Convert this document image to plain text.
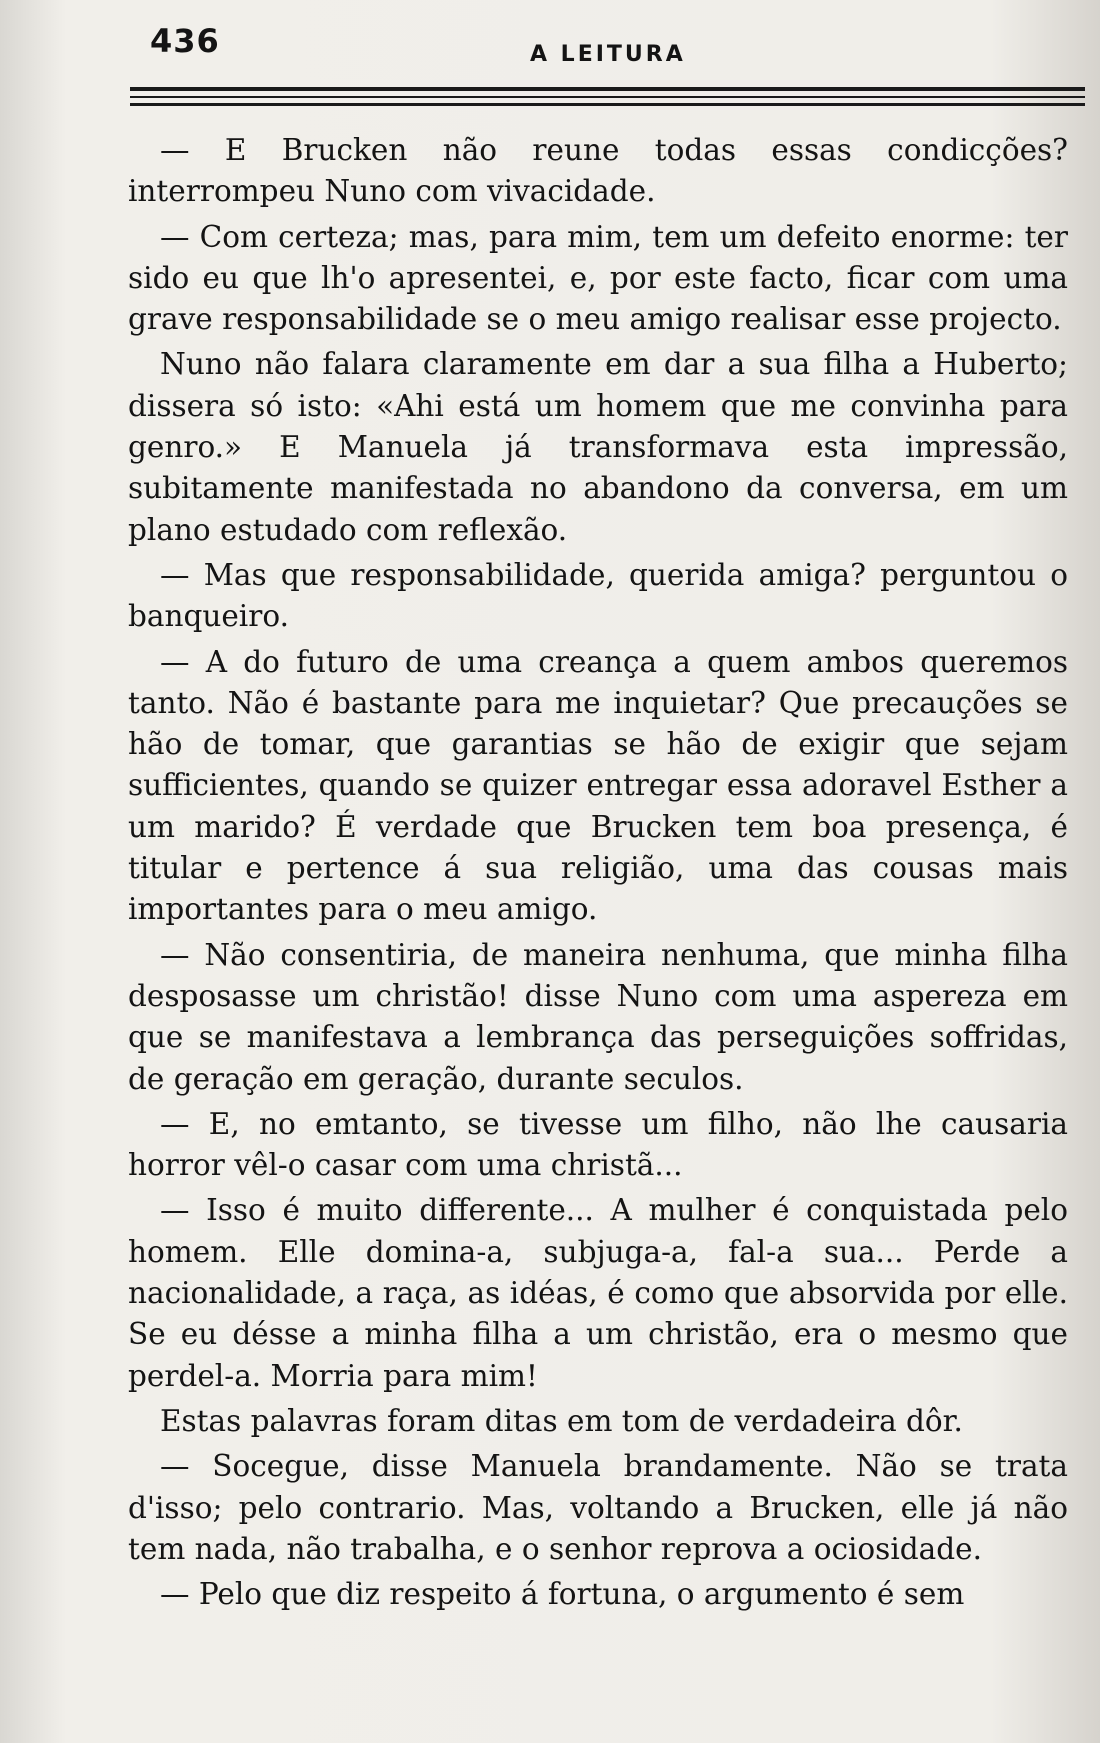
436	A LEITURA

— E Brucken não reune todas essas condicções? interrompeu Nuno com vivacidade.

— Com certeza; mas, para mim, tem um defeito enorme: ter sido eu que lh'o apresentei, e, por este facto, ficar com uma grave responsabilidade se o meu amigo realisar esse projecto.

Nuno não falara claramente em dar a sua filha a Huberto; dissera só isto: «Ahi está um homem que me convinha para genro.» E Manuela já transformava esta impressão, subitamente manifestada no abandono da conversa, em um plano estudado com reflexão.

— Mas que responsabilidade, querida amiga? perguntou o banqueiro.

— A do futuro de uma creança a quem ambos queremos tanto. Não é bastante para me inquietar? Que precauções se hão de tomar, que garantias se hão de exigir que sejam sufficientes, quando se quizer entregar essa adoravel Esther a um marido? É verdade que Brucken tem boa presença, é titular e pertence á sua religião, uma das cousas mais importantes para o meu amigo.

— Não consentiria, de maneira nenhuma, que minha filha desposasse um christão! disse Nuno com uma aspereza em que se manifestava a lembrança das perseguições soffridas, de geração em geração, durante seculos.

— E, no emtanto, se tivesse um filho, não lhe causaria horror vêl-o casar com uma christã...

— Isso é muito differente... A mulher é conquistada pelo homem. Elle domina-a, subjuga-a, fal-a sua... Perde a nacionalidade, a raça, as idéas, é como que absorvida por elle. Se eu désse a minha filha a um christão, era o mesmo que perdel-a. Morria para mim!

Estas palavras foram ditas em tom de verdadeira dôr.

— Socegue, disse Manuela brandamente. Não se trata d'isso; pelo contrario. Mas, voltando a Brucken, elle já não tem nada, não trabalha, e o senhor reprova a ociosidade.

— Pelo que diz respeito á fortuna, o argumento é sem
